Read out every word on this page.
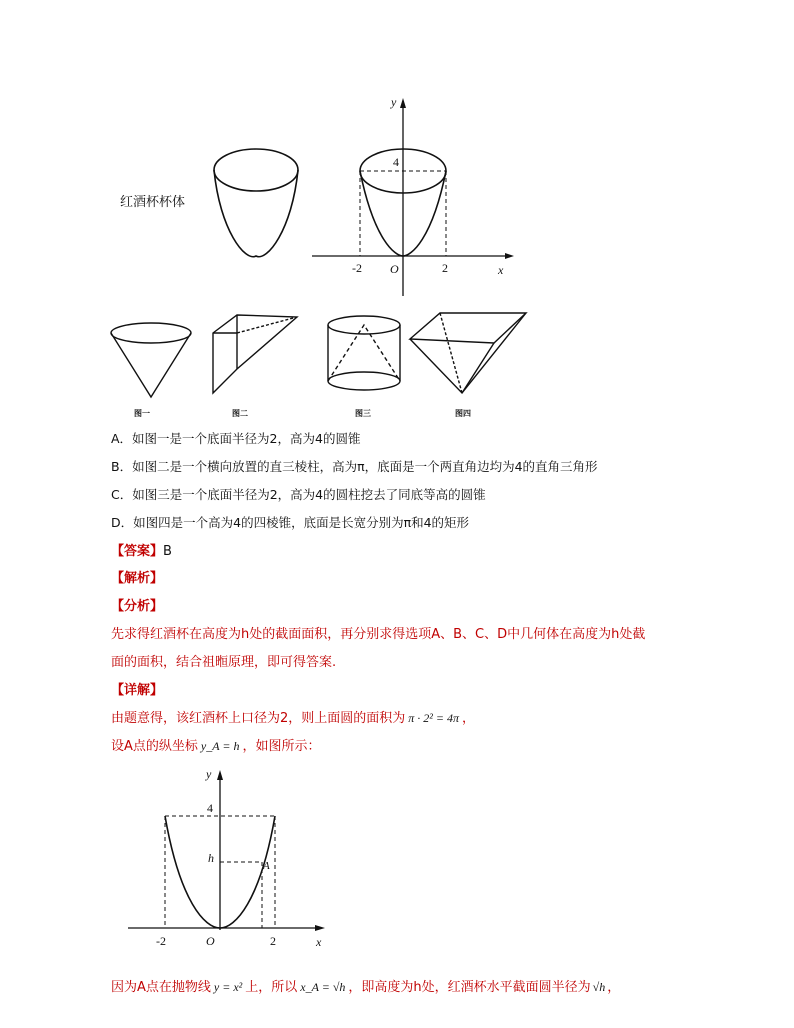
y
4
-2 O	2	x
红酒杯杯体
图一	图二	图三	图四
A．如图一是一个底面半径为2，高为4的圆锥
B．如图二是一个横向放置的直三棱柱，高为π，底面是一个两直角边均为4的直角三角形
C．如图三是一个底面半径为2，高为4的圆柱挖去了同底等高的圆锥
D．如图四是一个高为4的四棱锥，底面是长宽分别为π和4的矩形
【答案】B
【解析】
【分析】
先求得红酒杯在高度为h处的截面面积，再分别求得选项A、B、C、D中几何体在高度为h处截
面的面积，结合祖暅原理，即可得答案.
【详解】
由题意得，该红酒杯上口径为2，则上面圆的面积为 π · 2² = 4π ，
设A点的纵坐标 y_A = h ，如图所示：
y
4
h
A
-2	O	2	x
因为A点在抛物线 y = x² 上，所以 x_A = √h ，即高度为h处，红酒杯水平截面圆半径为 √h ，
